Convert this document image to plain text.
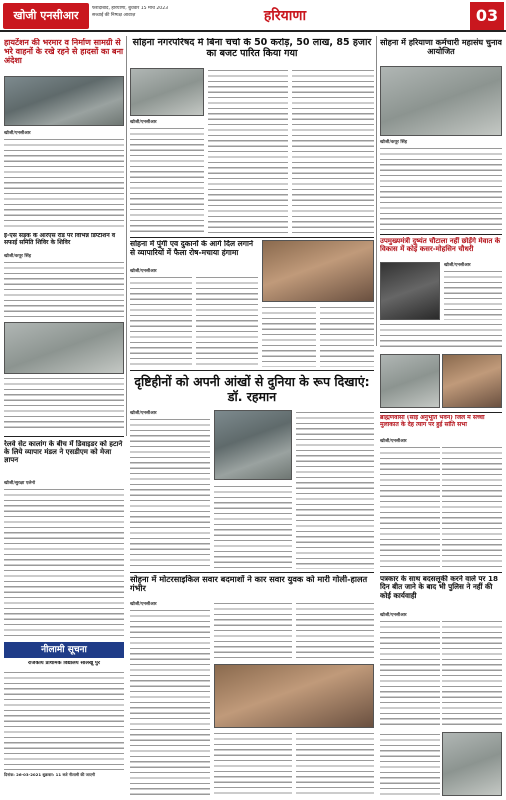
खोजी एनसीआर
फरीदाबाद, हरियाणा, बुधवार 15 मार्च 2023
सच्चाई की निष्पक्ष आवाज़	हरियाणा	03
हायटेंशन की भरमार व निर्माण सामग्री से भरे वाहनों के रखे रहने से हादसों का बना अंदेशा
खोजी/एनसीआर
ई-एस सड़क के आरएस रोड पर विभिन्न डिप्टीशन व सफाई समिति शिविर के शिविर
खोजी/कपूर सिंह
सोहना नगरपरिषद में बिना चर्चा के 50 करोड़, 50 लाख, 85 हजार का बजट पारित किया गया
खोजी/एनसीआर
सोहना में पुंगी एव दुकानों के आगे दिल लगाने से व्यापारियों में फैला रोष-मचाया हंगामा
खोजी/एनसीआर
सोहना में हरियाणा कर्मचारी महासंघ चुनाव आयोजित
खोजी/कपूर सिंह
उपमुख्यमंत्री दुष्यंत चौटाला नहीं छोड़ेंगे मेवात के विकास में कोई कसर-मोहसिन चौधरी
खोजी/एनसीआर
दृष्टिहीनों को अपनी आंखों से दुनिया के रूप दिखाएं: डॉ. रहमान
खोजी/एनसीआर
ब्राह्मणवासी (सांई अनुभूति भवन) जिले में सच्ची मुलाकात के देह त्याग पर हुई सांति सभा
खोजी/एनसीआर
रेलवे सेट कालांग के बीच में डिवाइडर को हटाने के लिये व्यापार मंडल ने एसडीएम को मेजा ज्ञापन
खोजी/सुरक्षा एलेनो
नीलामी सूचना
राजकीय प्राथमिक विद्यालय सीलखू पुर
दिनांक: 26-03-2021 शुक्रवार: 11 बजे नीलामी की जाएगी
सोहना में मोटरसाइकिल सवार बदमाशों ने कार सवार युवक को मारी गोली-हालत गंभीर
खोजी/एनसीआर
पत्रकार के साथ बदसलूकी करने वाले पर 18 दिन बीत जाने के बाद भी पुलिस ने नहीं की कोई कार्यवाही
खोजी/एनसीआर
